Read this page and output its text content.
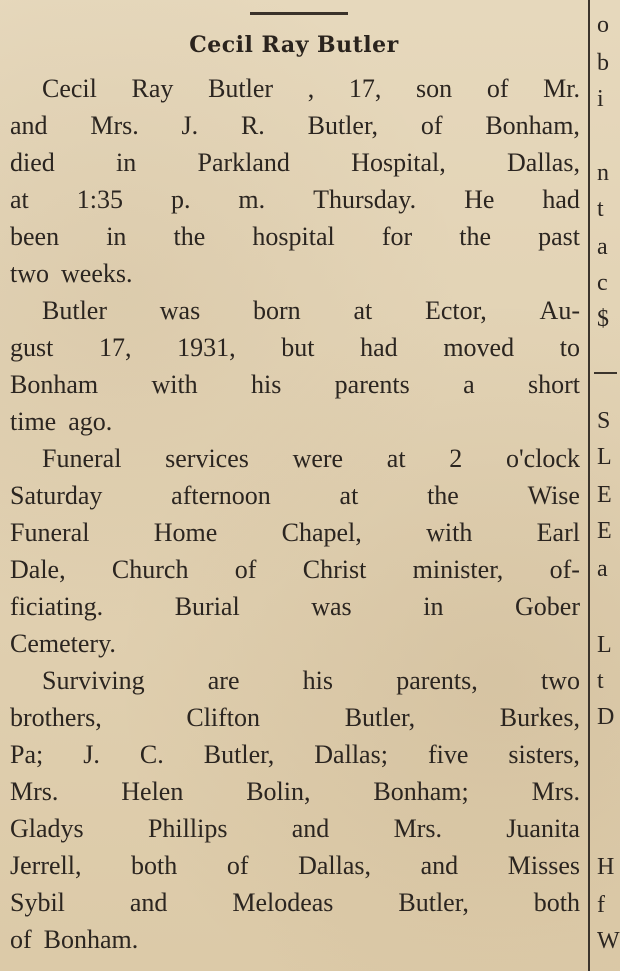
Cecil Ray Butler
Cecil Ray Butler , 17, son of Mr.
and Mrs. J. R. Butler, of Bonham,
died in Parkland Hospital, Dallas,
at 1:35 p. m. Thursday. He had
been in the hospital for the past
two weeks.
Butler was born at Ector, Au-
gust 17, 1931, but had moved to
Bonham with his parents a short
time ago.
Funeral services were at 2 o'clock
Saturday	afternoon	at	the	Wise
Funeral Home Chapel, with Earl
Dale, Church of Christ minister, of-
ficiating.	Burial	was	in	Gober
Cemetery.
Surviving are his parents, two
brothers,	Clifton	Butler,	Burkes,
Pa; J. C. Butler, Dallas; five sisters,
Mrs. Helen Bolin, Bonham; Mrs.
Gladys Phillips and Mrs. Juanita
Jerrell, both of Dallas, and Misses
Sybil and Melodeas Butler, both
of Bonham.
o
b
i
n
t
a
c
$
S
L
E
E
a
L
t
D
H
f
W
